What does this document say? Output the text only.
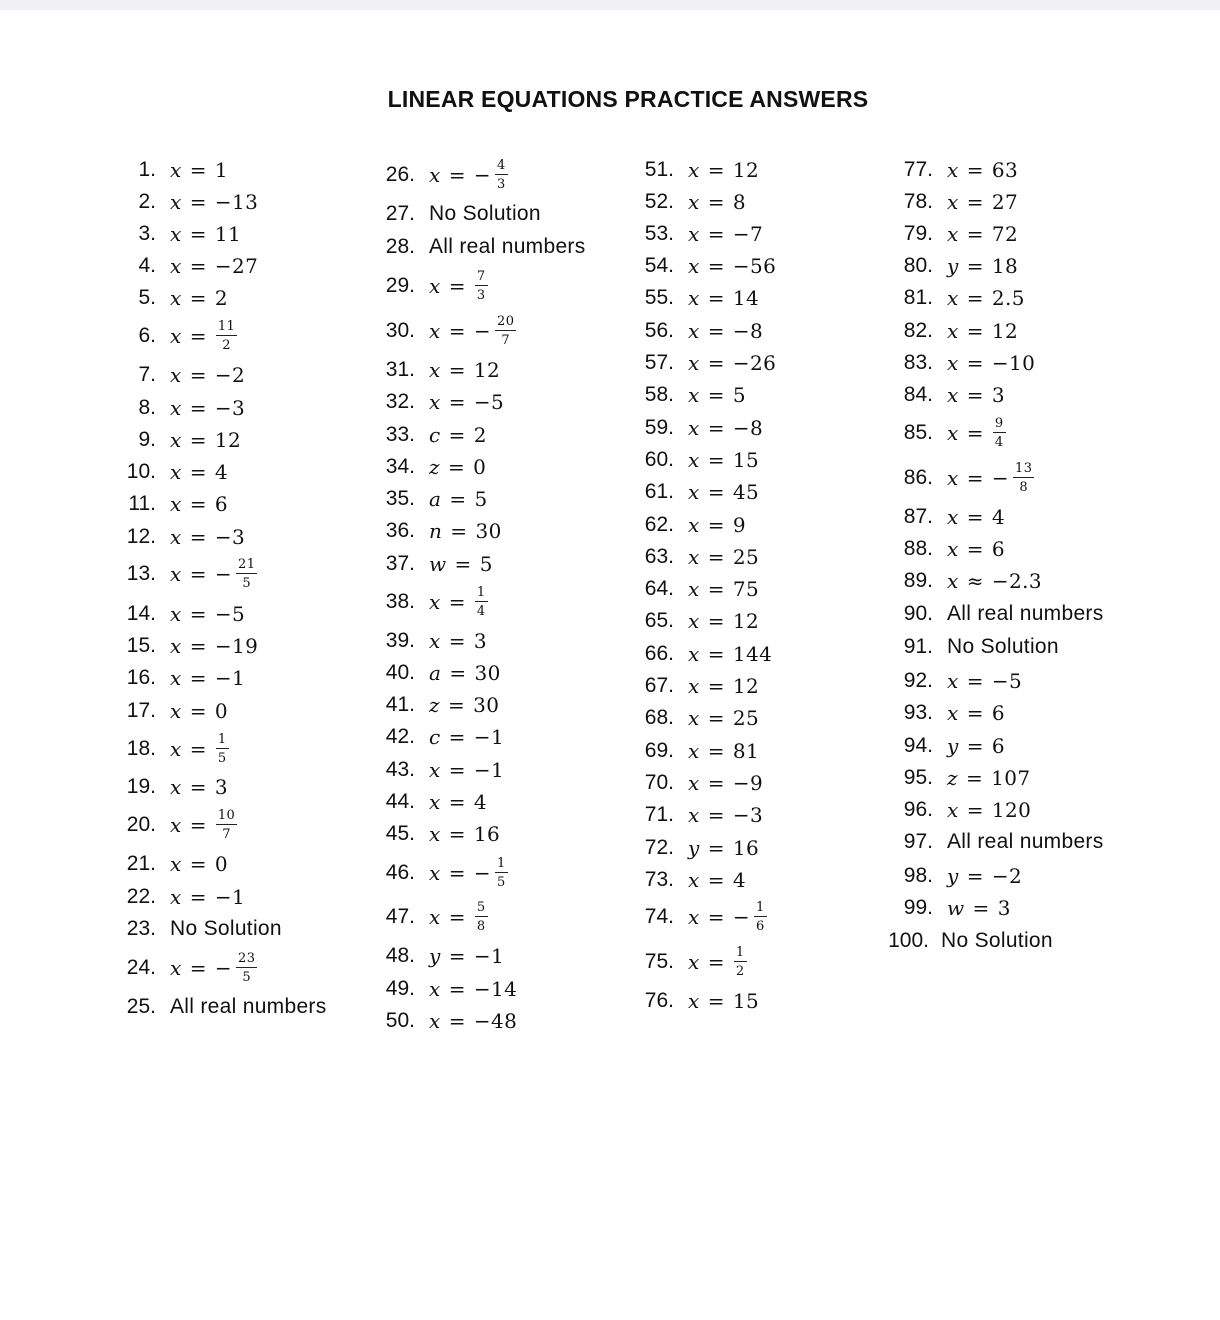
LINEAR EQUATIONS PRACTICE ANSWERS
1. x = 1
2. x = −13
3. x = 11
4. x = −27
5. x = 2
6. $x = \frac{11}{2}$
7. x = −2
8. x = −3
9. x = 12
10. x = 4
11. x = 6
12. x = −3
13. x = − $\frac{21}{5}$
14. x = −5
15. x = −19
16. x = −1
17. x = 0
18. $x = \frac{1}{5}$
19. x = 3
20. $x = \frac{10}{7}$
21. x = 0
22. x = −1
23. No Solution
24. x = − $\frac{23}{5}$
25. All real numbers
26. x = − $\frac{4}{3}$
27. No Solution
28. All real numbers
29. $x = \frac{7}{3}$
30. x = − $\frac{20}{7}$
31. x = 12
32. x = −5
33. c = 2
34. z = 0
35. a = 5
36. n = 30
37. w = 5
38. $x = \frac{1}{4}$
39. x = 3
40. a = 30
41. z = 30
42. c = −1
43. x = −1
44. x = 4
45. x = 16
46. x = − $\frac{1}{5}$
47. $x = \frac{5}{8}$
48. y = −1
49. x = −14
50. x = −48
51. x = 12
52. x = 8
53. x = −7
54. x = −56
55. x = 14
56. x = −8
57. x = −26
58. x = 5
59. x = −8
60. x = 15
61. x = 45
62. x = 9
63. x = 25
64. x = 75
65. x = 12
66. x = 144
67. x = 12
68. x = 25
69. x = 81
70. x = −9
71. x = −3
72. y = 16
73. x = 4
74. x = − $\frac{1}{6}$
75. $x = \frac{1}{2}$
76. x = 15
77. x = 63
78. x = 27
79. x = 72
80. y = 18
81. x = 2.5
82. x = 12
83. x = −10
84. x = 3
85. $x = \frac{9}{4}$
86. x = − $\frac{13}{8}$
87. x = 4
88. x = 6
89. x ≈ −2.3
90. All real numbers
91. No Solution
92. x = −5
93. x = 6
94. y = 6
95. z = 107
96. x = 120
97. All real numbers
98. y = −2
99. w = 3
100. No Solution
